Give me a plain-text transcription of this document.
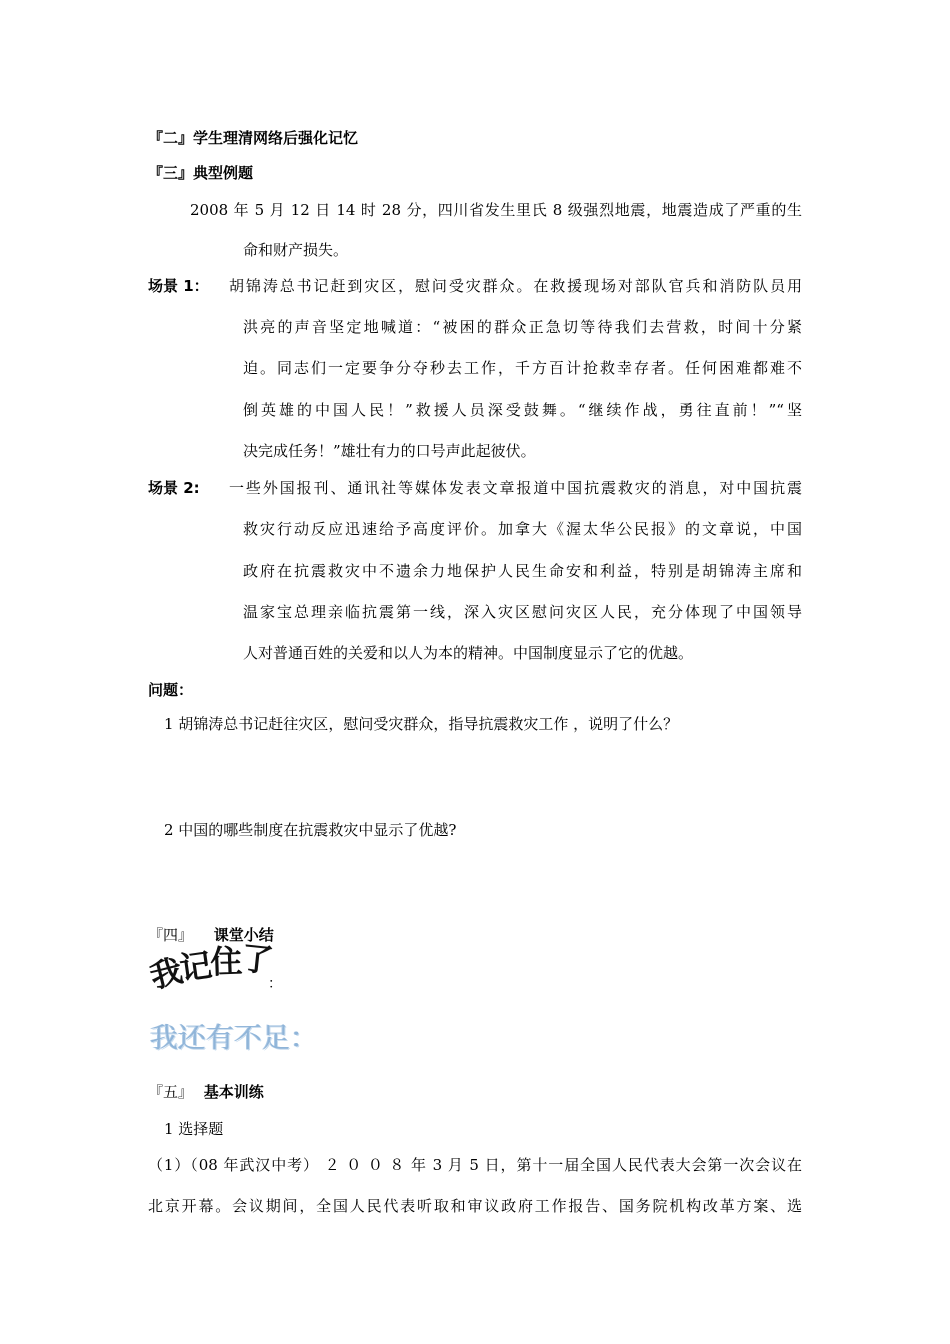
『二』学生理清网络后强化记忆
『三』典型例题
2008 年 5 月 12 日 14 时 28 分，四川省发生里氏 8 级强烈地震，地震造成了严重的生
命和财产损失。
场景 1： 胡锦涛总书记赶到灾区，慰问受灾群众。在救援现场对部队官兵和消防队员用
洪亮的声音坚定地喊道：“被困的群众正急切等待我们去营救，时间十分紧
迫。同志们一定要争分夺秒去工作，千方百计抢救幸存者。任何困难都难不
倒英雄的中国人民！”救援人员深受鼓舞。“继续作战，勇往直前！”“坚
决完成任务！”雄壮有力的口号声此起彼伏。
场景 2: 一些外国报刊、通讯社等媒体发表文章报道中国抗震救灾的消息，对中国抗震
救灾行动反应迅速给予高度评价。加拿大《渥太华公民报》的文章说，中国
政府在抗震救灾中不遗余力地保护人民生命安和利益，特别是胡锦涛主席和
温家宝总理亲临抗震第一线，深入灾区慰问灾区人民，充分体现了中国领导
人对普通百姓的关爱和以人为本的精神。中国制度显示了它的优越。
问题：
1 胡锦涛总书记赶往灾区，慰问受灾群众，指导抗震救灾工作 ，说明了什么？
2 中国的哪些制度在抗震救灾中显示了优越?
『四』 课堂小结
我记住了
：
我还有不足：
『五』 基本训练
1 选择题
（1）（08 年武汉中考） ２ ０ ０ ８ 年 3 月 5 日，第十一届全国人民代表大会第一次会议在
北京开幕。会议期间，全国人民代表听取和审议政府工作报告、国务院机构改革方案、选
